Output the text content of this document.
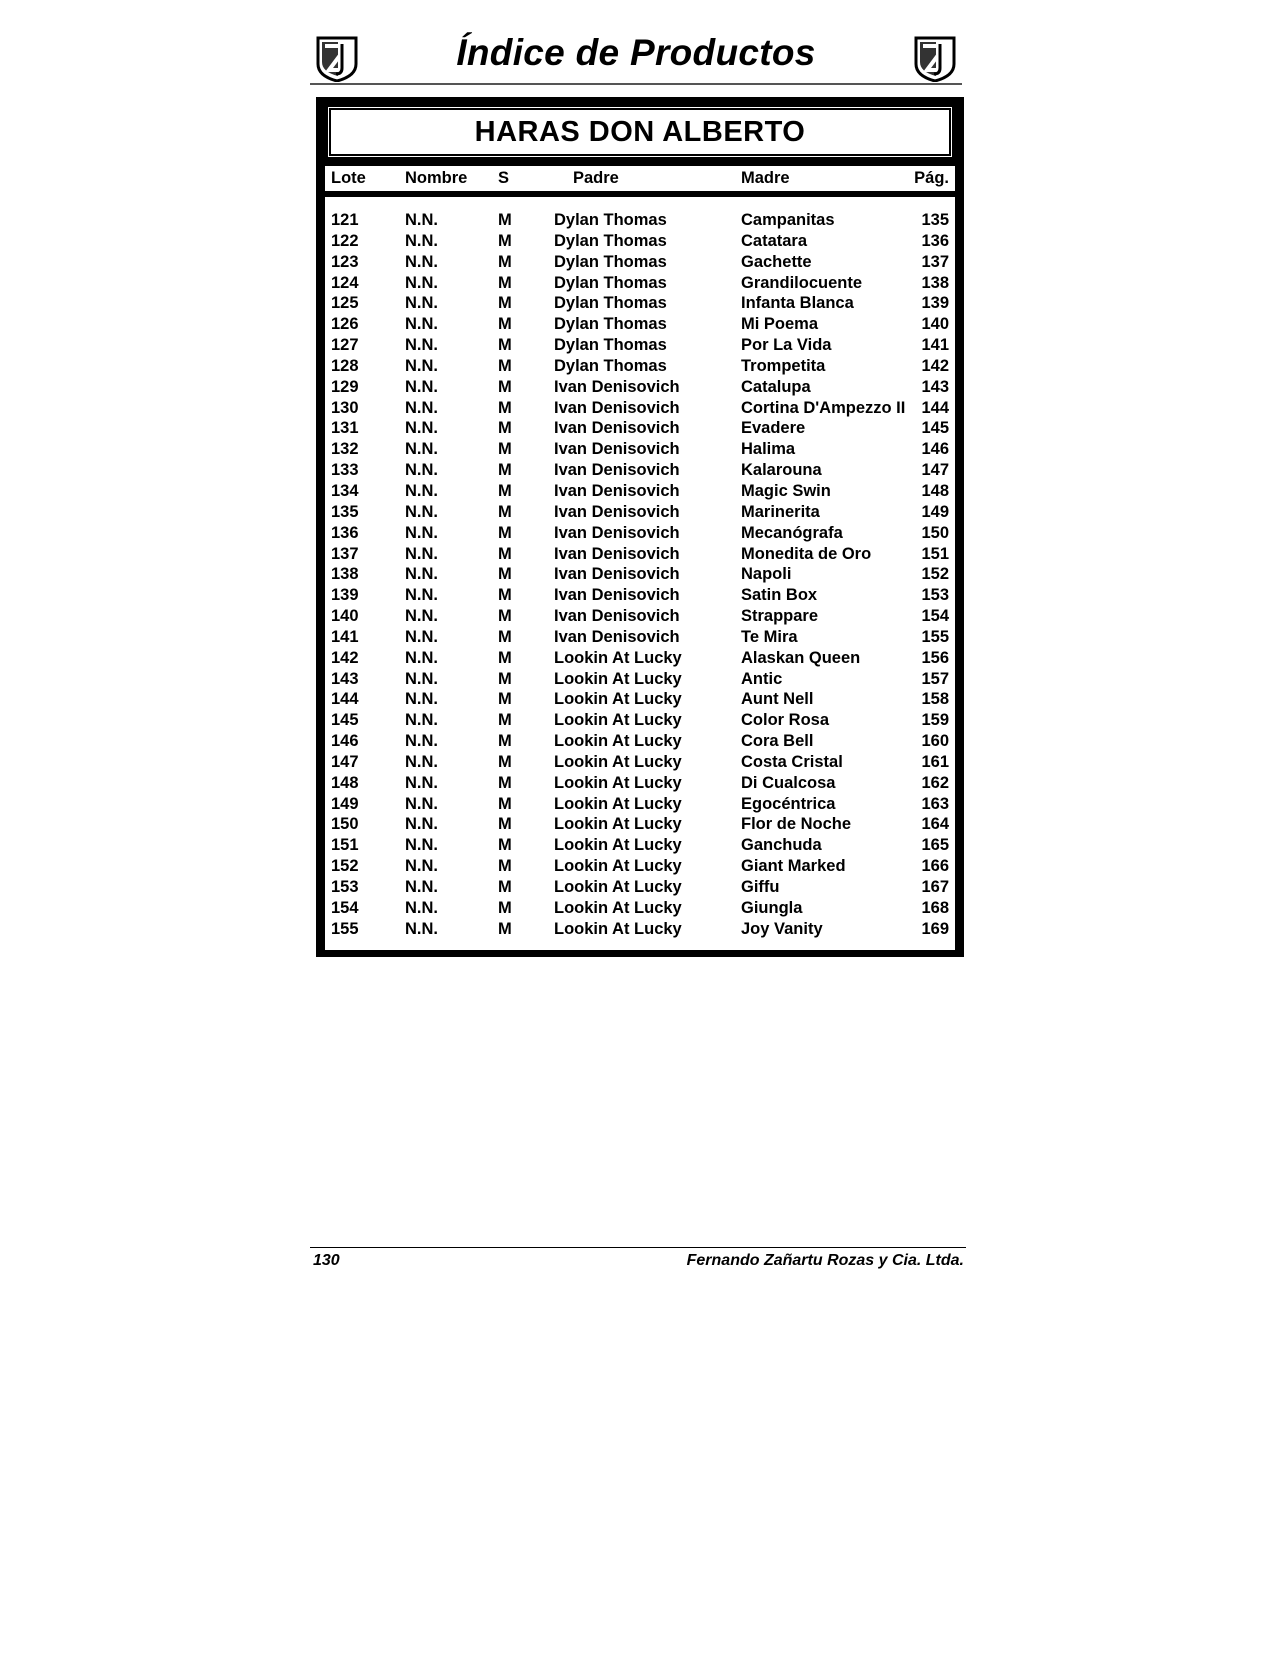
Índice de Productos
HARAS DON ALBERTO
Lote Nombre S	Padre	Madre	Pág.
121	N.N.	M	Dylan Thomas	Campanitas	135
122	N.N.	M	Dylan Thomas	Catatara	136
123	N.N.	M	Dylan Thomas	Gachette	137
124	N.N.	M	Dylan Thomas	Grandilocuente	138
125	N.N.	M	Dylan Thomas	Infanta Blanca	139
126	N.N.	M	Dylan Thomas	Mi Poema	140
127	N.N.	M	Dylan Thomas	Por La Vida	141
128	N.N.	M	Dylan Thomas	Trompetita	142
129	N.N.	M	Ivan Denisovich	Catalupa	143
130	N.N.	M	Ivan Denisovich	Cortina D'Ampezzo II 144
131	N.N.	M	Ivan Denisovich	Evadere	145
132	N.N.	M	Ivan Denisovich	Halima	146
133	N.N.	M	Ivan Denisovich	Kalarouna	147
134	N.N.	M	Ivan Denisovich	Magic Swin	148
135	N.N.	M	Ivan Denisovich	Marinerita	149
136	N.N.	M	Ivan Denisovich	Mecanógrafa	150
137	N.N.	M	Ivan Denisovich	Monedita de Oro	151
138	N.N.	M	Ivan Denisovich	Napoli	152
139	N.N.	M	Ivan Denisovich	Satin Box	153
140	N.N.	M	Ivan Denisovich	Strappare	154
141	N.N.	M	Ivan Denisovich	Te Mira	155
142	N.N.	M	Lookin At Lucky	Alaskan Queen	156
143	N.N.	M	Lookin At Lucky	Antic	157
144	N.N.	M	Lookin At Lucky	Aunt Nell	158
145	N.N.	M	Lookin At Lucky	Color Rosa	159
146	N.N.	M	Lookin At Lucky	Cora Bell	160
147	N.N.	M	Lookin At Lucky	Costa Cristal	161
148	N.N.	M	Lookin At Lucky	Di Cualcosa	162
149	N.N.	M	Lookin At Lucky	Egocéntrica	163
150	N.N.	M	Lookin At Lucky	Flor de Noche	164
151	N.N.	M	Lookin At Lucky	Ganchuda	165
152	N.N.	M	Lookin At Lucky	Giant Marked	166
153	N.N.	M	Lookin At Lucky	Giffu	167
154	N.N.	M	Lookin At Lucky	Giungla	168
155	N.N.	M	Lookin At Lucky	Joy Vanity	169
130	Fernando Zañartu Rozas y Cia. Ltda.
